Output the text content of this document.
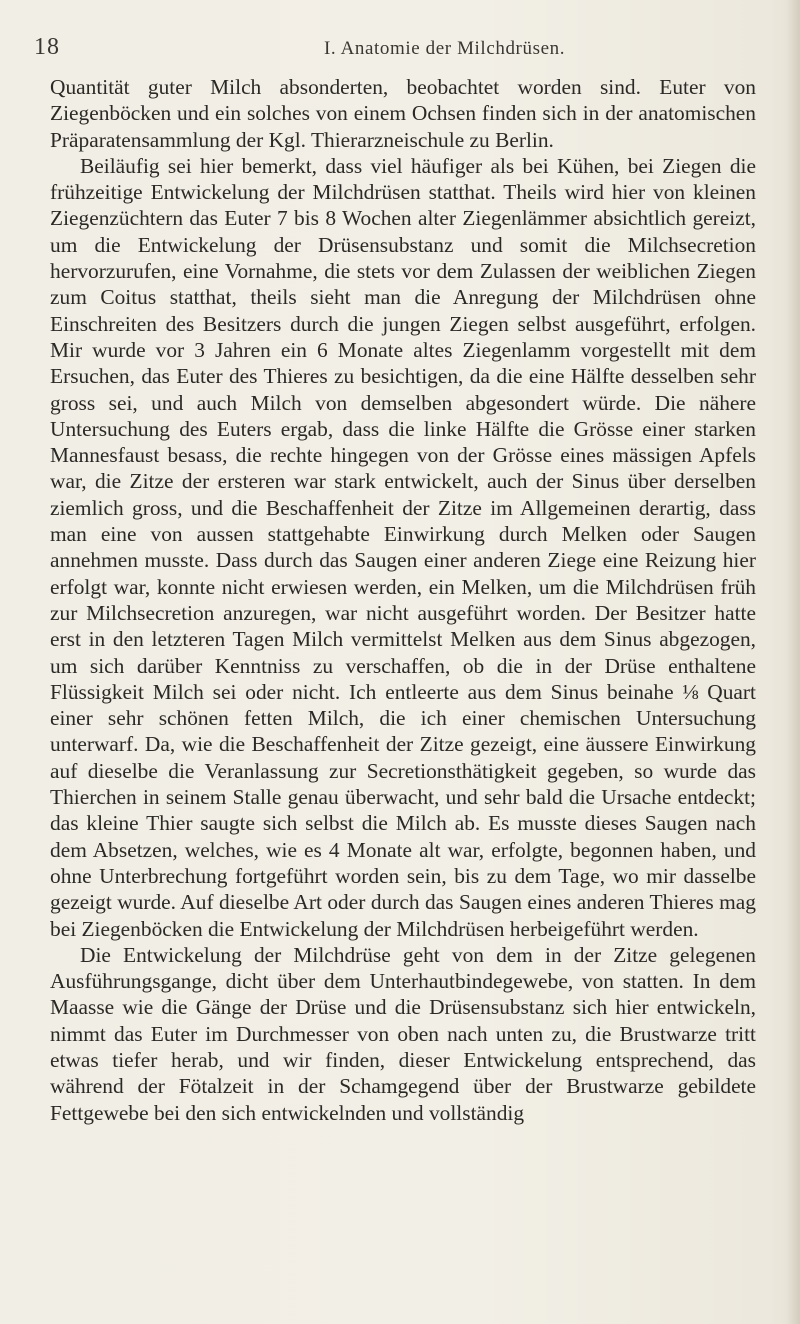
18	I. Anatomie der Milchdrüsen.

Quantität guter Milch absonderten, beobachtet worden sind. Euter von Ziegenböcken und ein solches von einem Ochsen finden sich in der anatomischen Präparatensammlung der Kgl. Thierarzneischule zu Berlin.

Beiläufig sei hier bemerkt, dass viel häufiger als bei Kühen, bei Ziegen die frühzeitige Entwickelung der Milchdrüsen statthat. Theils wird hier von kleinen Ziegenzüchtern das Euter 7 bis 8 Wochen alter Ziegenlämmer absichtlich gereizt, um die Entwickelung der Drüsensubstanz und somit die Milchsecretion hervorzurufen, eine Vornahme, die stets vor dem Zulassen der weiblichen Ziegen zum Coitus statthat, theils sieht man die Anregung der Milchdrüsen ohne Einschreiten des Besitzers durch die jungen Ziegen selbst ausgeführt, erfolgen. Mir wurde vor 3 Jahren ein 6 Monate altes Ziegenlamm vorgestellt mit dem Ersuchen, das Euter des Thieres zu besichtigen, da die eine Hälfte desselben sehr gross sei, und auch Milch von demselben abgesondert würde. Die nähere Untersuchung des Euters ergab, dass die linke Hälfte die Grösse einer starken Mannesfaust besass, die rechte hingegen von der Grösse eines mässigen Apfels war, die Zitze der ersteren war stark entwickelt, auch der Sinus über derselben ziemlich gross, und die Beschaffenheit der Zitze im Allgemeinen derartig, dass man eine von aussen stattgehabte Einwirkung durch Melken oder Saugen annehmen musste. Dass durch das Saugen einer anderen Ziege eine Reizung hier erfolgt war, konnte nicht erwiesen werden, ein Melken, um die Milchdrüsen früh zur Milchsecretion anzuregen, war nicht ausgeführt worden. Der Besitzer hatte erst in den letzteren Tagen Milch vermittelst Melken aus dem Sinus abgezogen, um sich darüber Kenntniss zu verschaffen, ob die in der Drüse enthaltene Flüssigkeit Milch sei oder nicht. Ich entleerte aus dem Sinus beinahe ⅛ Quart einer sehr schönen fetten Milch, die ich einer chemischen Untersuchung unterwarf. Da, wie die Beschaffenheit der Zitze gezeigt, eine äussere Einwirkung auf dieselbe die Veranlassung zur Secretionsthätigkeit gegeben, so wurde das Thierchen in seinem Stalle genau überwacht, und sehr bald die Ursache entdeckt; das kleine Thier saugte sich selbst die Milch ab. Es musste dieses Saugen nach dem Absetzen, welches, wie es 4 Monate alt war, erfolgte, begonnen haben, und ohne Unterbrechung fortgeführt worden sein, bis zu dem Tage, wo mir dasselbe gezeigt wurde. Auf dieselbe Art oder durch das Saugen eines anderen Thieres mag bei Ziegenböcken die Entwickelung der Milchdrüsen herbeigeführt werden.

Die Entwickelung der Milchdrüse geht von dem in der Zitze gelegenen Ausführungsgange, dicht über dem Unterhautbindegewebe, von statten. In dem Maasse wie die Gänge der Drüse und die Drüsensubstanz sich hier entwickeln, nimmt das Euter im Durchmesser von oben nach unten zu, die Brustwarze tritt etwas tiefer herab, und wir finden, dieser Entwickelung entsprechend, das während der Fötalzeit in der Schamgegend über der Brustwarze gebildete Fettgewebe bei den sich entwickelnden und vollständig
